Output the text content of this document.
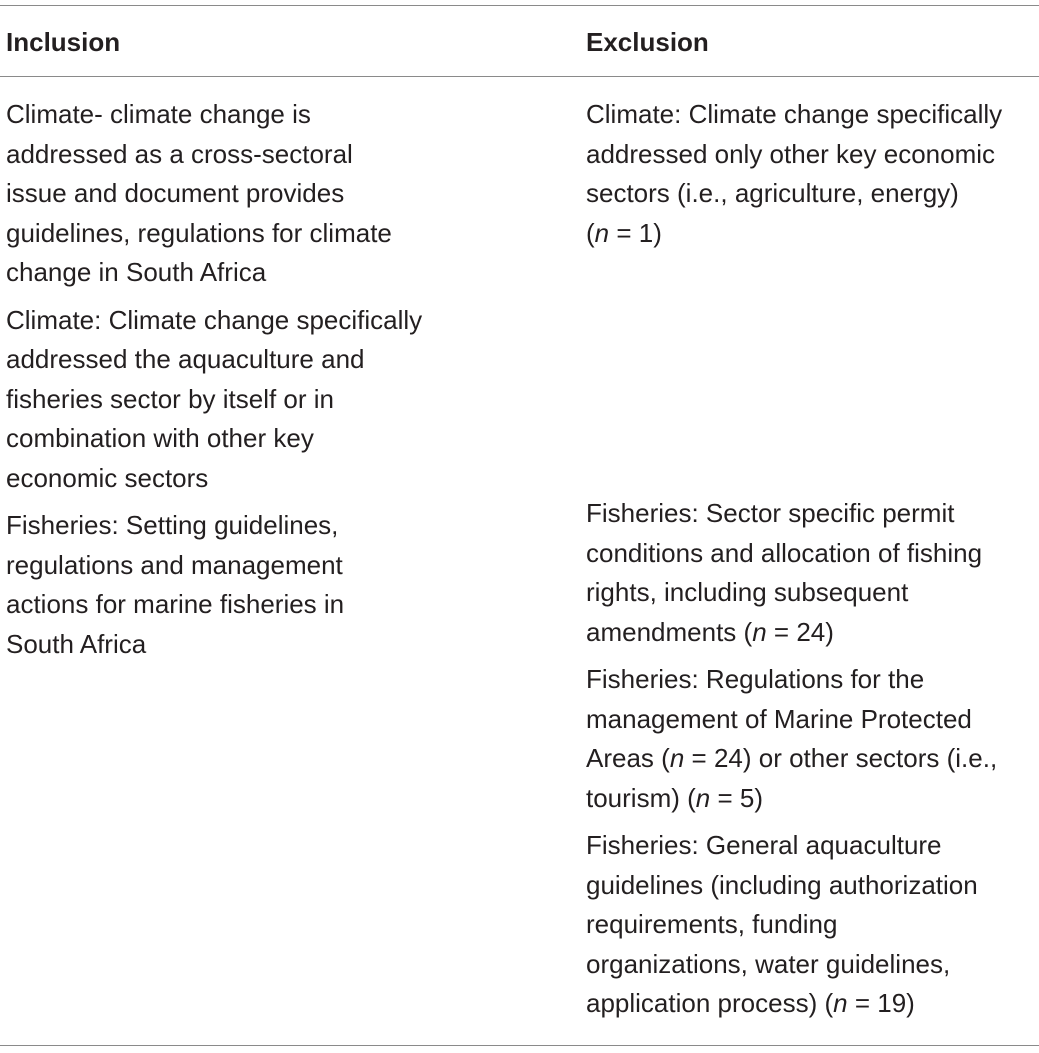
Inclusion	Exclusion
Climate- climate change is
addressed as a cross-sectoral
issue and document provides
guidelines, regulations for climate
change in South Africa
Climate: Climate change specifically
addressed the aquaculture and
fisheries sector by itself or in
combination with other key
economic sectors
Fisheries: Setting guidelines,
regulations and management
actions for marine fisheries in
South Africa
Climate: Climate change specifically
addressed only other key economic
sectors (i.e., agriculture, energy)
(n = 1)
Fisheries: Sector specific permit
conditions and allocation of fishing
rights, including subsequent
amendments (n = 24)
Fisheries: Regulations for the
management of Marine Protected
Areas (n = 24) or other sectors (i.e.,
tourism) (n = 5)
Fisheries: General aquaculture
guidelines (including authorization
requirements, funding
organizations, water guidelines,
application process) (n = 19)
